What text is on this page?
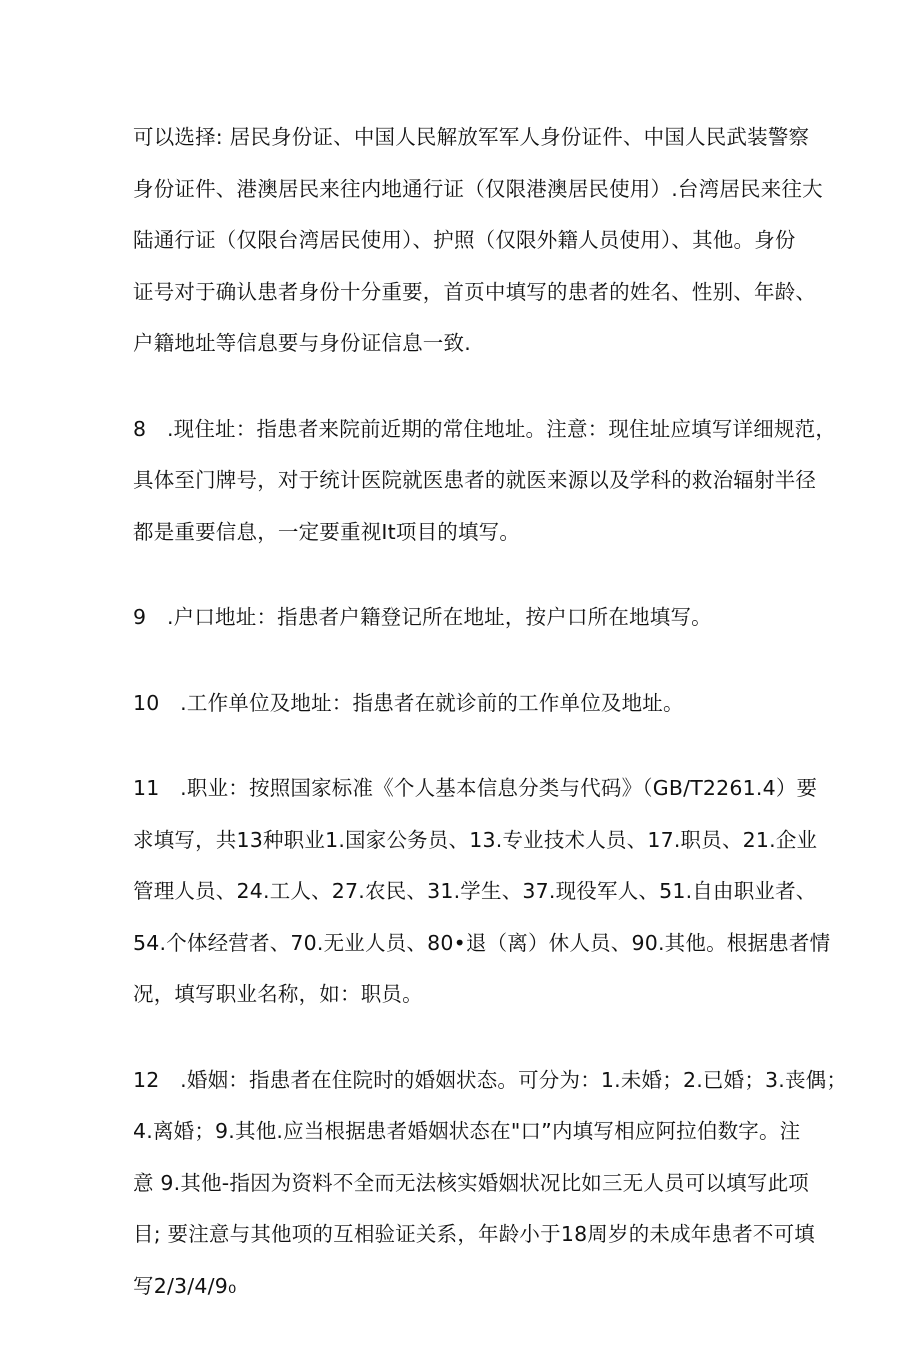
可以选择: 居民身份证、中国人民解放军军人身份证件、中国人民武装警察
身份证件、港澳居民来往内地通行证（仅限港澳居民使用）.台湾居民来往大
陆通行证（仅限台湾居民使用）、护照（仅限外籍人员使用）、其他。身份
证号对于确认患者身份十分重要，首页中填写的患者的姓名、性别、年龄、
户籍地址等信息要与身份证信息一致.
8　.现住址：指患者来院前近期的常住地址。注意：现住址应填写详细规范，
具体至门牌号，对于统计医院就医患者的就医来源以及学科的救治辐射半径
都是重要信息，一定要重视It项目的填写。
9　.户口地址：指患者户籍登记所在地址，按户口所在地填写。
10　.工作单位及地址：指患者在就诊前的工作单位及地址。
11　.职业：按照国家标准《个人基本信息分类与代码》（GB/T2261.4）要
求填写，共13种职业1.国家公务员、13.专业技术人员、17.职员、21.企业
管理人员、24.工人、27.农民、31.学生、37.现役军人、51.自由职业者、
54.个体经营者、70.无业人员、80•退（离）休人员、90.其他。根据患者情
况，填写职业名称，如：职员。
12　.婚姻：指患者在住院时的婚姻状态。可分为：1.未婚；2.已婚；3.丧偶；
4.离婚；9.其他.应当根据患者婚姻状态在"口”内填写相应阿拉伯数字。注
意 9.其他-指因为资料不全而无法核实婚姻状况比如三无人员可以填写此项
目; 要注意与其他项的互相验证关系，年龄小于18周岁的未成年患者不可填
写2/3/4/9₀
